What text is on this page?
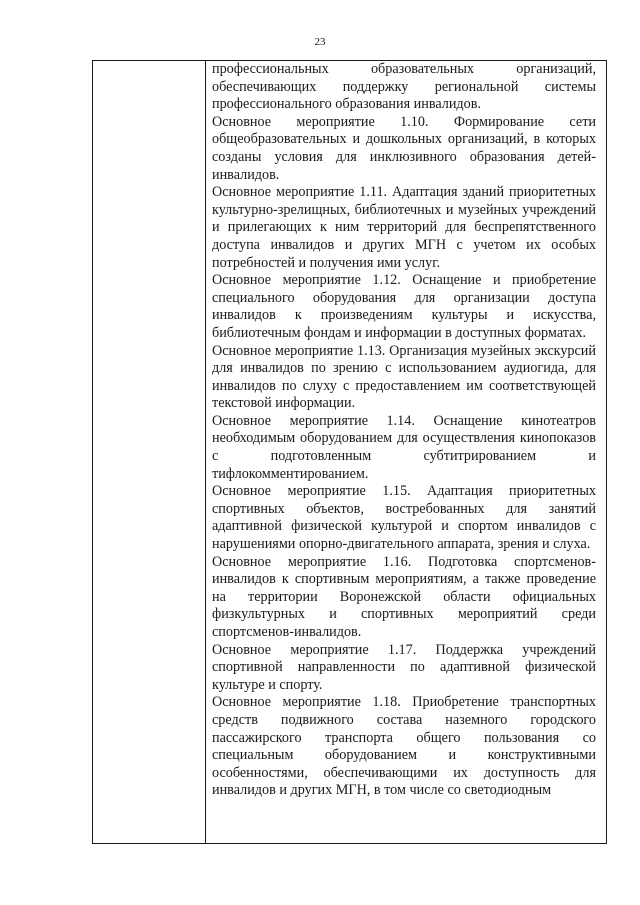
23

профессиональных образовательных организаций, обеспечивающих поддержку региональной системы профессионального образования инвалидов.

Основное мероприятие 1.10. Формирование сети общеобразовательных и дошкольных организаций, в которых созданы условия для инклюзивного образования детей-инвалидов.

Основное мероприятие 1.11. Адаптация зданий приоритетных культурно-зрелищных, библиотечных и музейных учреждений и прилегающих к ним территорий для беспрепятственного доступа инвалидов и других МГН с учетом их особых потребностей и получения ими услуг.

Основное мероприятие 1.12. Оснащение и приобретение специального оборудования для организации доступа инвалидов к произведениям культуры и искусства, библиотечным фондам и информации в доступных форматах.

Основное мероприятие 1.13. Организация музейных экскурсий для инвалидов по зрению с использованием аудиогида, для инвалидов по слуху с предоставлением им соответствующей текстовой информации.

Основное мероприятие 1.14. Оснащение кинотеатров необходимым оборудованием для осуществления кинопоказов с подготовленным субтитрированием и тифлокомментированием.

Основное мероприятие 1.15. Адаптация приоритетных спортивных объектов, востребованных для занятий адаптивной физической культурой и спортом инвалидов с нарушениями опорно-двигательного аппарата, зрения и слуха.

Основное мероприятие 1.16. Подготовка спортсменов-инвалидов к спортивным мероприятиям, а также проведение на территории Воронежской области официальных физкультурных и спортивных мероприятий среди спортсменов-инвалидов.

Основное мероприятие 1.17. Поддержка учреждений спортивной направленности по адаптивной физической культуре и спорту.

Основное мероприятие 1.18. Приобретение транспортных средств подвижного состава наземного городского пассажирского транспорта общего пользования со специальным оборудованием и конструктивными особенностями, обеспечивающими их доступность для инвалидов и других МГН, в том числе со светодиодным
